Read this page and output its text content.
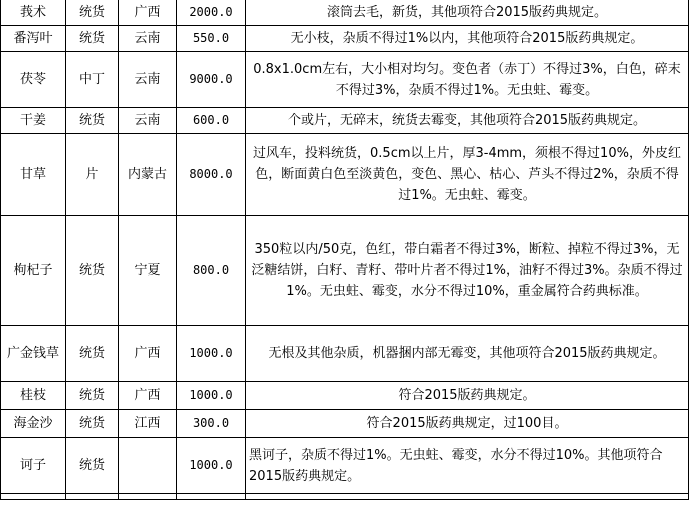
莪术	统货	广西	2000.0	滚筒去毛，新货，其他项符合2015版药典规定。
番泻叶	统货	云南	550.0	无小枝，杂质不得过1%以内，其他项符合2015版药典规定。
茯苓	中丁	云南	9000.0	0.8x1.0cm左右，大小相对均匀。变色者（赤丁）不得过3%，白色，碎末不得过3%，杂质不得过1%。无虫蛀、霉变。
干姜	统货	云南	600.0	个或片，无碎末，统货去霉变，其他项符合2015版药典规定。
甘草	片	内蒙古	8000.0	过风车，投料统货，0.5cm以上片，厚3-4mm，须根不得过10%，外皮红色，断面黄白色至淡黄色，变色、黑心、枯心、芦头不得过2%，杂质不得过1%。无虫蛀、霉变。
枸杞子	统货	宁夏	800.0	350粒以内/50克，色红，带白霜者不得过3%，断粒、掉粒不得过3%，无泛糖结饼，白籽、青籽、带叶片者不得过1%，油籽不得过3%。杂质不得过1%。无虫蛀、霉变，水分不得过10%，重金属符合药典标准。
广金钱草	统货	广西	1000.0	无根及其他杂质，机器捆内部无霉变，其他项符合2015版药典规定。
桂枝	统货	广西	1000.0	符合2015版药典规定。
海金沙	统货	江西	300.0	符合2015版药典规定，过100目。
诃子	统货		1000.0	黑诃子，杂质不得过1%。无虫蛀、霉变，水分不得过10%。其他项符合2015版药典规定。
